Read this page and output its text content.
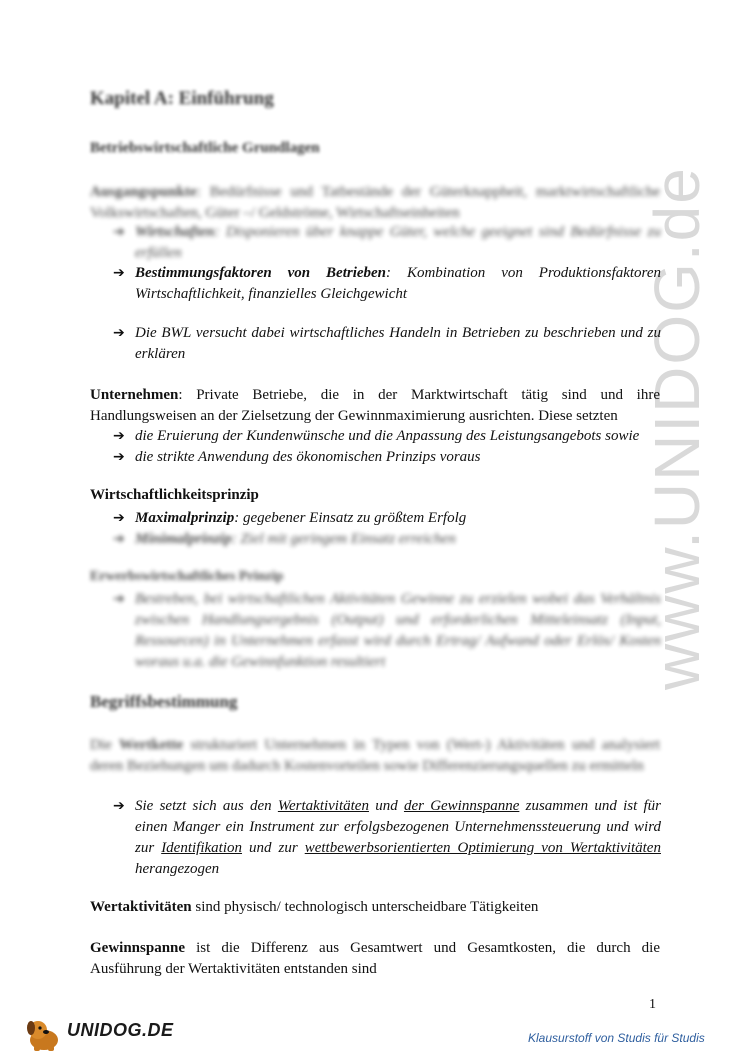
www.UNIDOG.de
Kapitel A: Einführung
Betriebswirtschaftliche Grundlagen

Ausgangspunkte: Bedürfnisse und Tatbestände der Güterknappheit, marktwirtschaftliche Volkswirtschaften, Güter –/ Geldströme, Wirtschaftseinheiten

➔ Wirtschaften: Disponieren über knappe Güter, welche geeignet sind Bedürfnisse zu erfüllen

➔ Bestimmungsfaktoren von Betrieben: Kombination von Produktionsfaktoren Wirtschaftlichkeit, finanzielles Gleichgewicht

➔ Die BWL versucht dabei wirtschaftliches Handeln in Betrieben zu beschrieben und zu erklären

Unternehmen: Private Betriebe, die in der Marktwirtschaft tätig sind und ihre Handlungsweisen an der Zielsetzung der Gewinnmaximierung ausrichten. Diese setzten

➔ die Eruierung der Kundenwünsche und die Anpassung des Leistungsangebots sowie

➔ die strikte Anwendung des ökonomischen Prinzips voraus

Wirtschaftlichkeitsprinzip

➔ Maximalprinzip: gegebener Einsatz zu größtem Erfolg

➔ Minimalprinzip: Ziel mit geringem Einsatz erreichen

Erwerbswirtschaftliches Prinzip

➔ Bestreben, bei wirtschaftlichen Aktivitäten Gewinne zu erzielen wobei das Verhältnis zwischen Handlungsergebnis (Output) und erforderlichen Mitteleinsatz (Input, Ressourcen) in Unternehmen erfasst wird durch Ertrag/ Aufwand oder Erlös/ Kosten woraus u.a. die Gewinnfunktion resultiert

Begriffsbestimmung

Die Wertkette strukturiert Unternehmen in Typen von (Wert-) Aktivitäten und analysiert deren Beziehungen um dadurch Kostenvorteilen sowie Differenzierungsquellen zu ermitteln

➔ Sie setzt sich aus den Wertaktivitäten und der Gewinnspanne zusammen und ist für einen Manger ein Instrument zur erfolgsbezogenen Unternehmenssteuerung und wird zur Identifikation und zur wettbewerbsorientierten Optimierung von Wertaktivitäten herangezogen

Wertaktivitäten sind physisch/ technologisch unterscheidbare Tätigkeiten

Gewinnspanne ist die Differenz aus Gesamtwert und Gesamtkosten, die durch die Ausführung der Wertaktivitäten entstanden sind

1
UNIDOG.DE	Klausurstoff von Studis für Studis
